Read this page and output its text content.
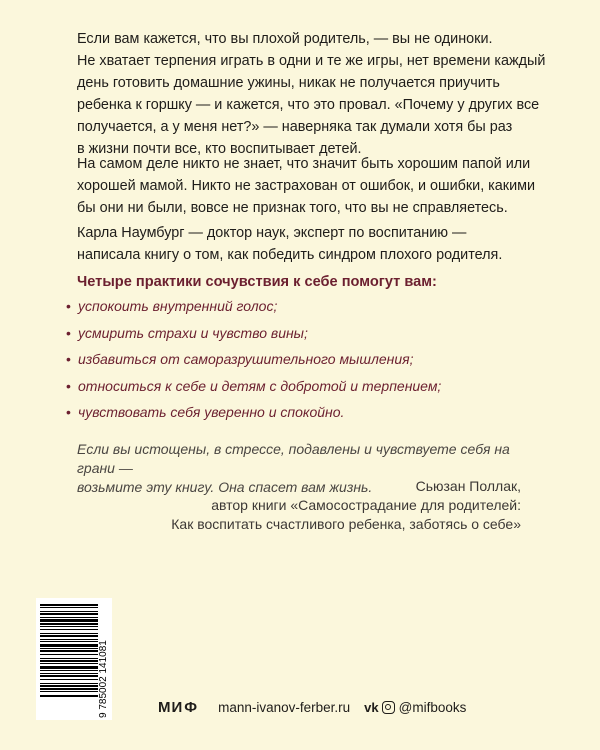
Если вам кажется, что вы плохой родитель, — вы не одиноки.

Не хватает терпения играть в одни и те же игры, нет времени каждый

день готовить домашние ужины, никак не получается приучить

ребенка к горшку — и кажется, что это провал. «Почему у других все

получается, а у меня нет?» — наверняка так думали хотя бы раз

в жизни почти все, кто воспитывает детей.

На самом деле никто не знает, что значит быть хорошим папой или
хорошей мамой. Никто не застрахован от ошибок, и ошибки, какими
бы они ни были, вовсе не признак того, что вы не справляетесь.
Карла Наумбург — доктор наук, эксперт по воспитанию —
написала книгу о том, как победить синдром плохого родителя.
Четыре практики сочувствия к себе помогут вам:
• успокоить внутренний голос;
• усмирить страхи и чувство вины;
• избавиться от саморазрушительного мышления;
• относиться к себе и детям с добротой и терпением;
• чувствовать себя уверенно и спокойно.
Если вы истощены, в стрессе, подавлены и чувствуете себя на грани —
возьмите эту книгу. Она спасет вам жизнь.	Сьюзан Поллак,
автор книги «Самосострадание для родителей:
Как воспитать счастливого ребенка, заботясь о себе»
9 785002 141081	МИ Ф mann-ivanov-ferber.ru vk @mifbooks
